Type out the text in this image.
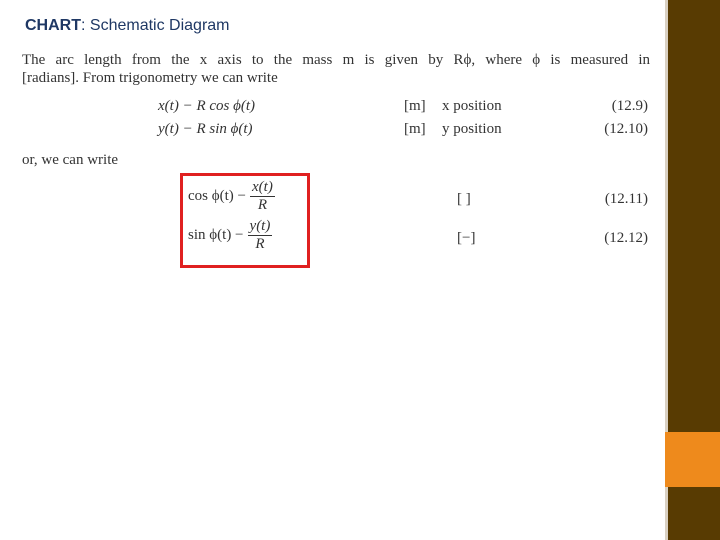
CHART: Schematic Diagram
The arc length from the x axis to the mass m is given by Rϕ, where ϕ is measured in
[radians]. From trigonometry we can write
x(t) − R cos ϕ(t)	[m] x position	(12.9)
y(t) − R sin ϕ(t)	[m] y position	(12.10)
or, we can write
$\cos \phi(t) - \frac{x(t)}{R}$	[ ]	(12.11)
$\sin \phi(t) - \frac{y(t)}{R}$	[−]	(12.12)
